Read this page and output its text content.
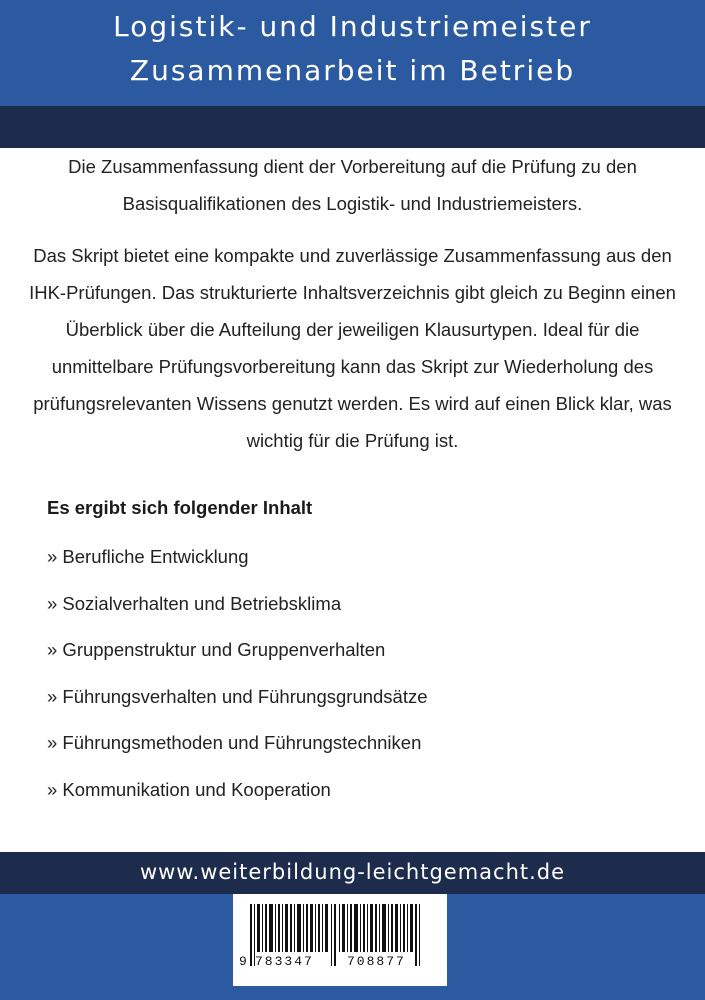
Logistik- und Industriemeister
Zusammenarbeit im Betrieb

Die Zusammenfassung dient der Vorbereitung auf die Prüfung zu den Basisqualifikationen des Logistik- und Industriemeisters.

Das Skript bietet eine kompakte und zuverlässige Zusammenfassung aus den IHK-Prüfungen. Das strukturierte Inhaltsverzeichnis gibt gleich zu Beginn einen Überblick über die Aufteilung der jeweiligen Klausurtypen. Ideal für die unmittelbare Prüfungsvorbereitung kann das Skript zur Wiederholung des prüfungsrelevanten Wissens genutzt werden. Es wird auf einen Blick klar, was wichtig für die Prüfung ist.

Es ergibt sich folgender Inhalt
» Berufliche Entwicklung
» Sozialverhalten und Betriebsklima
» Gruppenstruktur und Gruppenverhalten
» Führungsverhalten und Führungsgrundsätze
» Führungsmethoden und Führungstechniken
» Kommunikation und Kooperation
www.weiterbildung-leichtgemacht.de
9 783347	708877
